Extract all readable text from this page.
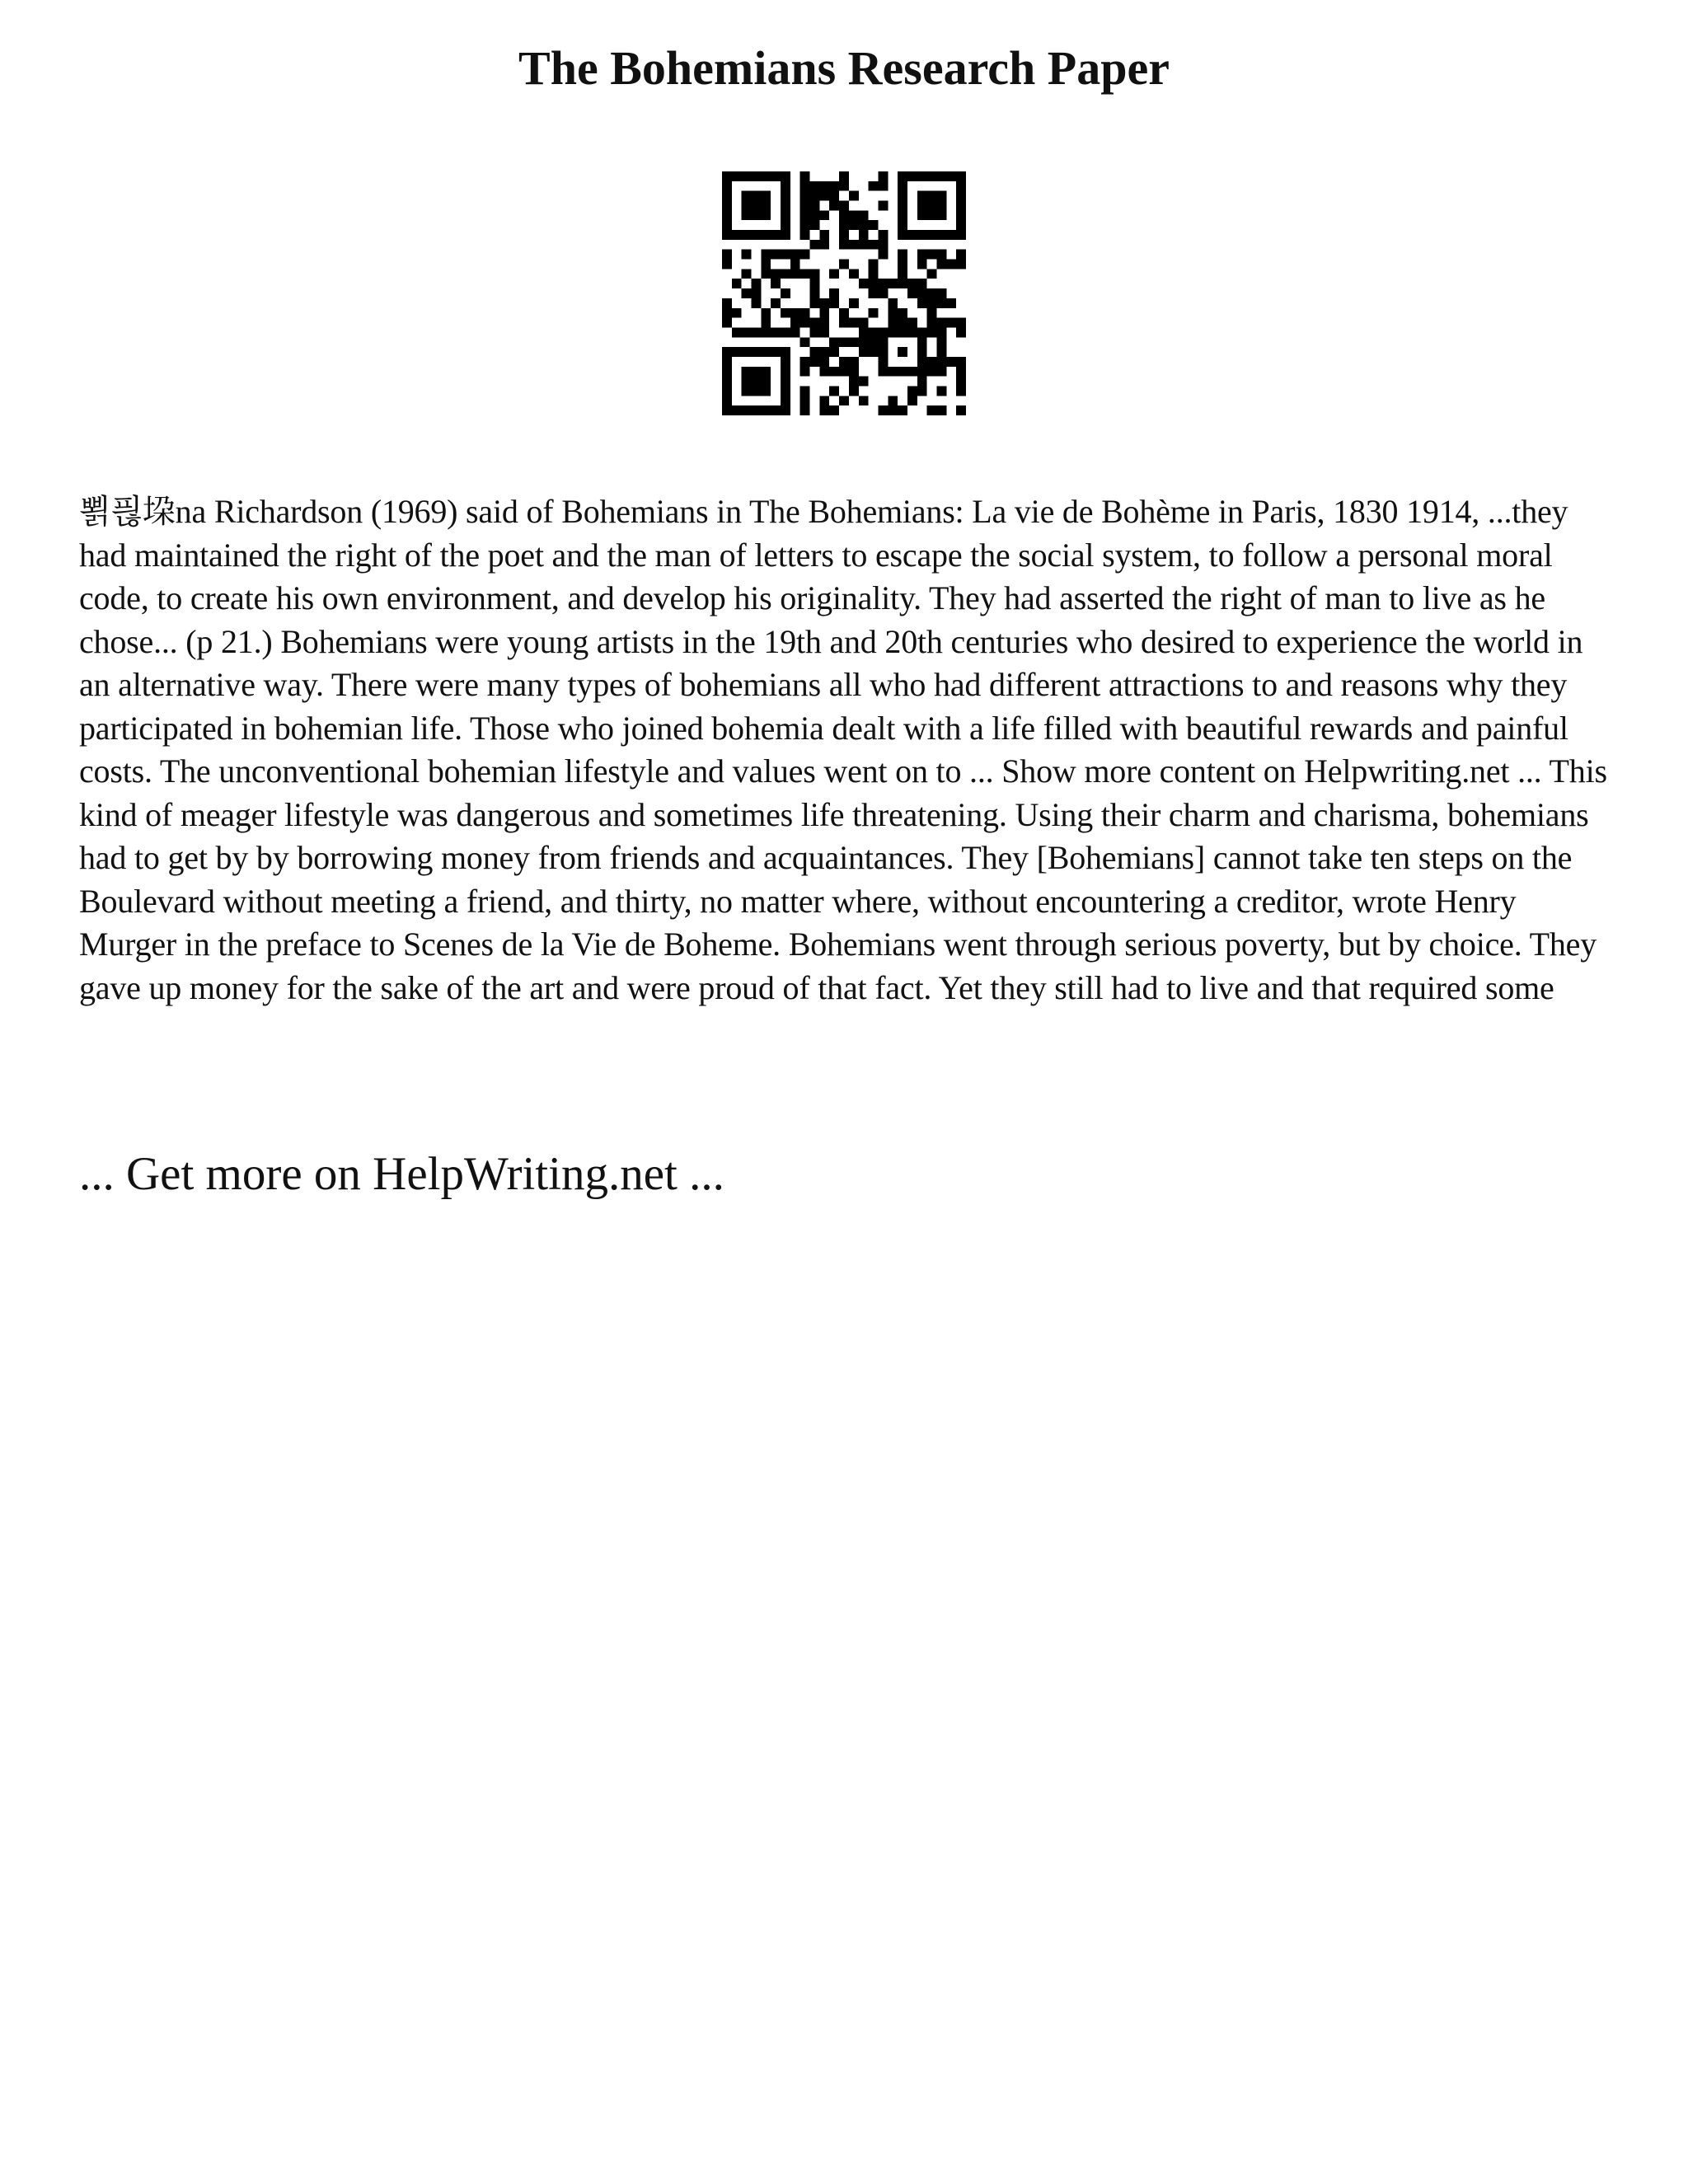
The Bohemians Research Paper

뾝픦垜na Richardson (1969) said of Bohemians in The Bohemians: La vie de Bohème in Paris, 1830 1914, ...they had maintained the right of the poet and the man of letters to escape the social system, to follow a personal moral code, to create his own environment, and develop his originality. They had asserted the right of man to live as he chose... (p 21.) Bohemians were young artists in the 19th and 20th centuries who desired to experience the world in an alternative way. There were many types of bohemians all who had different attractions to and reasons why they participated in bohemian life. Those who joined bohemia dealt with a life filled with beautiful rewards and painful costs. The unconventional bohemian lifestyle and values went on to ... Show more content on Helpwriting.net ... This kind of meager lifestyle was dangerous and sometimes life threatening. Using their charm and charisma, bohemians had to get by by borrowing money from friends and acquaintances. They [Bohemians] cannot take ten steps on the Boulevard without meeting a friend, and thirty, no matter where, without encountering a creditor, wrote Henry Murger in the preface to Scenes de la Vie de Boheme. Bohemians went through serious poverty, but by choice. They gave up money for the sake of the art and were proud of that fact. Yet they still had to live and that required some

... Get more on HelpWriting.net ...
